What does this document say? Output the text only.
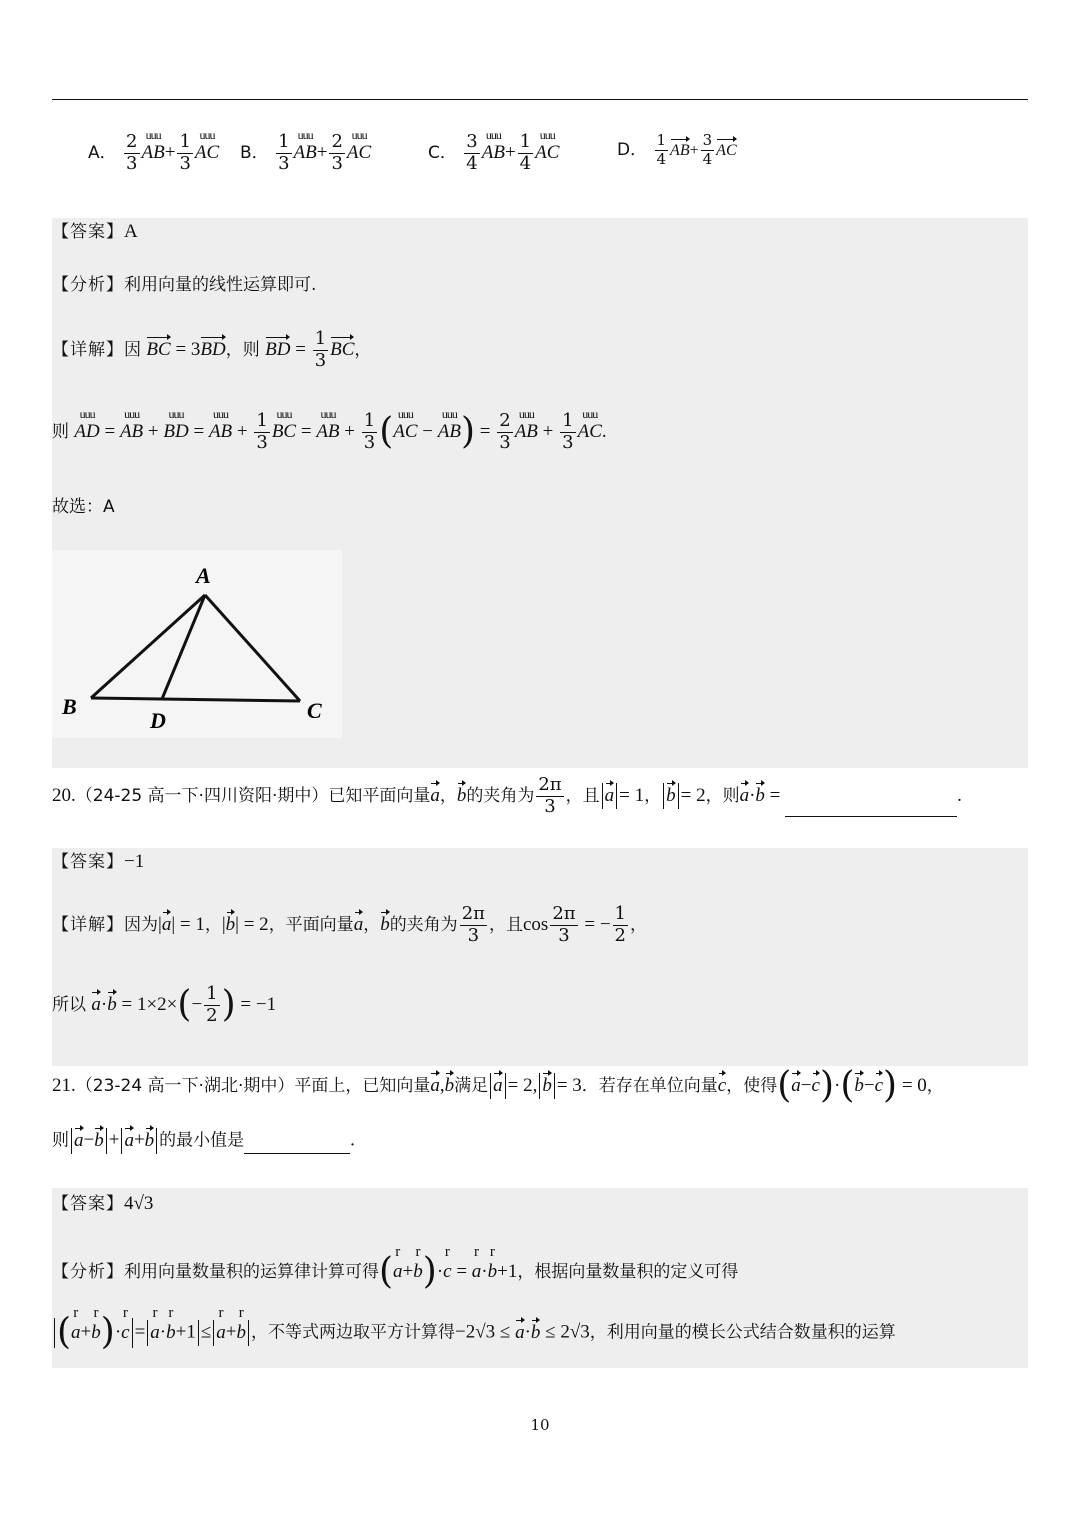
A． $\frac{2}{3}$ uuu
$AB+ \frac{1}{3}$ uuu
AC B． $\frac{1}{3}$ uuu
$AB+ \frac{2}{3}$ uuu
AC	C． $\frac{3}{4}$ uuu
$AB+ \frac{1}{4}$ uuu
AC	D． $\frac{1}{4} AB+ \frac{3}{4}$ AC
【答案】A
【分析】利用向量的线性运算即可.
【详解】因 BC = 3BD，则 BD = $\frac{1}{3}$ BC，
则
uuu
AD =
uuu
AB +
uuu
BD =
uuu
AB + $\frac{1}{3}$ uuu
BC =
uuu
AB + $\frac{1}{3}$ ( uuu
AC −
uuu
$AB) = \frac{2}{3}$ uuu
AB + $\frac{1}{3}$ uuu
AC.
故选：A
A
B	C
D
20.（24-25 高一下·四川资阳·期中）已知平面向量a，b的夹角为 $\frac{2\pi}{3}$ ，且 a = 1， b = 2，则a·b =	.
【答案】−1
【详解】因为|a| = 1，|b| = 2，平面向量a，b的夹角为 $\frac{2\pi}{3}$ ，且$\cos \frac{2\pi}{3}$ = − $\frac{1}{2}$ ，
所以 $a\cdot b = 1\times 2\times(- \frac{1}{2}$ ) = −1
21.（23-24 高一下·湖北·期中）平面上，已知向量a,b满足 a = 2, b = 3．若存在单位向量c，使得(a−c)·(b−c) = 0，
则 a−b + a+b 的最小值是	.
【答案】4√3
【分析】利用向量数量积的运算律计算可得( r
a+
r
b)·
r
c =
r
a·
r
b+1，根据向量数量积的定义可得
( r
a+
r
b)·
r
c =
r
a·
r
b+1 ≤
r
a+
r
b ，不等式两边取平方计算得−2√3 ≤ a·b ≤ 2√3，利用向量的模长公式结合数量积的运算
10
